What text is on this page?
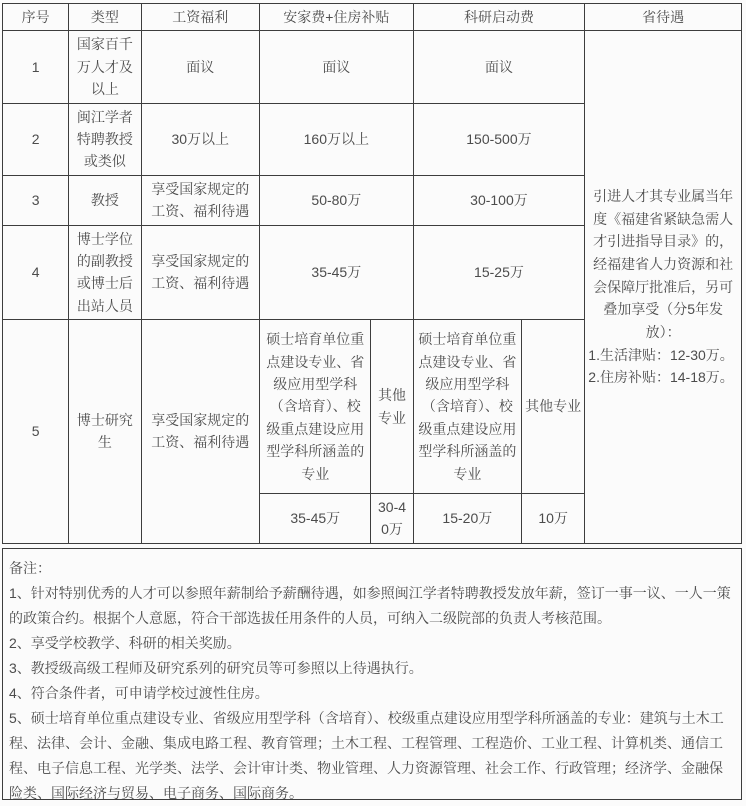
序号	类型	工资福利	安家费+住房补贴		科研启动费		省待遇
1	国家百千万人才及以上	面议	面议		面议		引进人才其专业属当年度《福建省紧缺急需人才引进指导目录》的，经福建省人力资源和社会保障厅批准后，另可叠加享受（分5年发放）：
1.生活津贴：12-30万。
2.住房补贴：14-18万。

2	闽江学者特聘教授或类似	30万以上	160万以上		150-500万		
3	教授	享受国家规定的工资、福利待遇	50-80万		30-100万		
4	博士学位的副教授或博士后出站人员	享受国家规定的工资、福利待遇	35-45万		15-25万		
5	博士研究生	享受国家规定的工资、福利待遇	硕士培育单位重点建设专业、省级应用型学科（含培育）、校级重点建设应用型学科所涵盖的专业	其他专业	硕士培育单位重点建设专业、省级应用型学科（含培育）、校级重点建设应用型学科所涵盖的专业	其他专业	
			35-45万	30-40万	15-20万	10万	
备注：
1、针对特别优秀的人才可以参照年薪制给予薪酬待遇，如参照闽江学者特聘教授发放年薪，签订一事一议、一人一策的政策合约。根据个人意愿，符合干部选拔任用条件的人员，可纳入二级院部的负责人考核范围。
2、享受学校教学、科研的相关奖励。
3、教授级高级工程师及研究系列的研究员等可参照以上待遇执行。
4、符合条件者，可申请学校过渡性住房。
5、硕士培育单位重点建设专业、省级应用型学科（含培育）、校级重点建设应用型学科所涵盖的专业：建筑与土木工程、法律、会计、金融、集成电路工程、教育管理；土木工程、工程管理、工程造价、工业工程、计算机类、通信工程、电子信息工程、光学类、法学、会计审计类、物业管理、人力资源管理、社会工作、行政管理；经济学、金融保险类、国际经济与贸易、电子商务、国际商务。
